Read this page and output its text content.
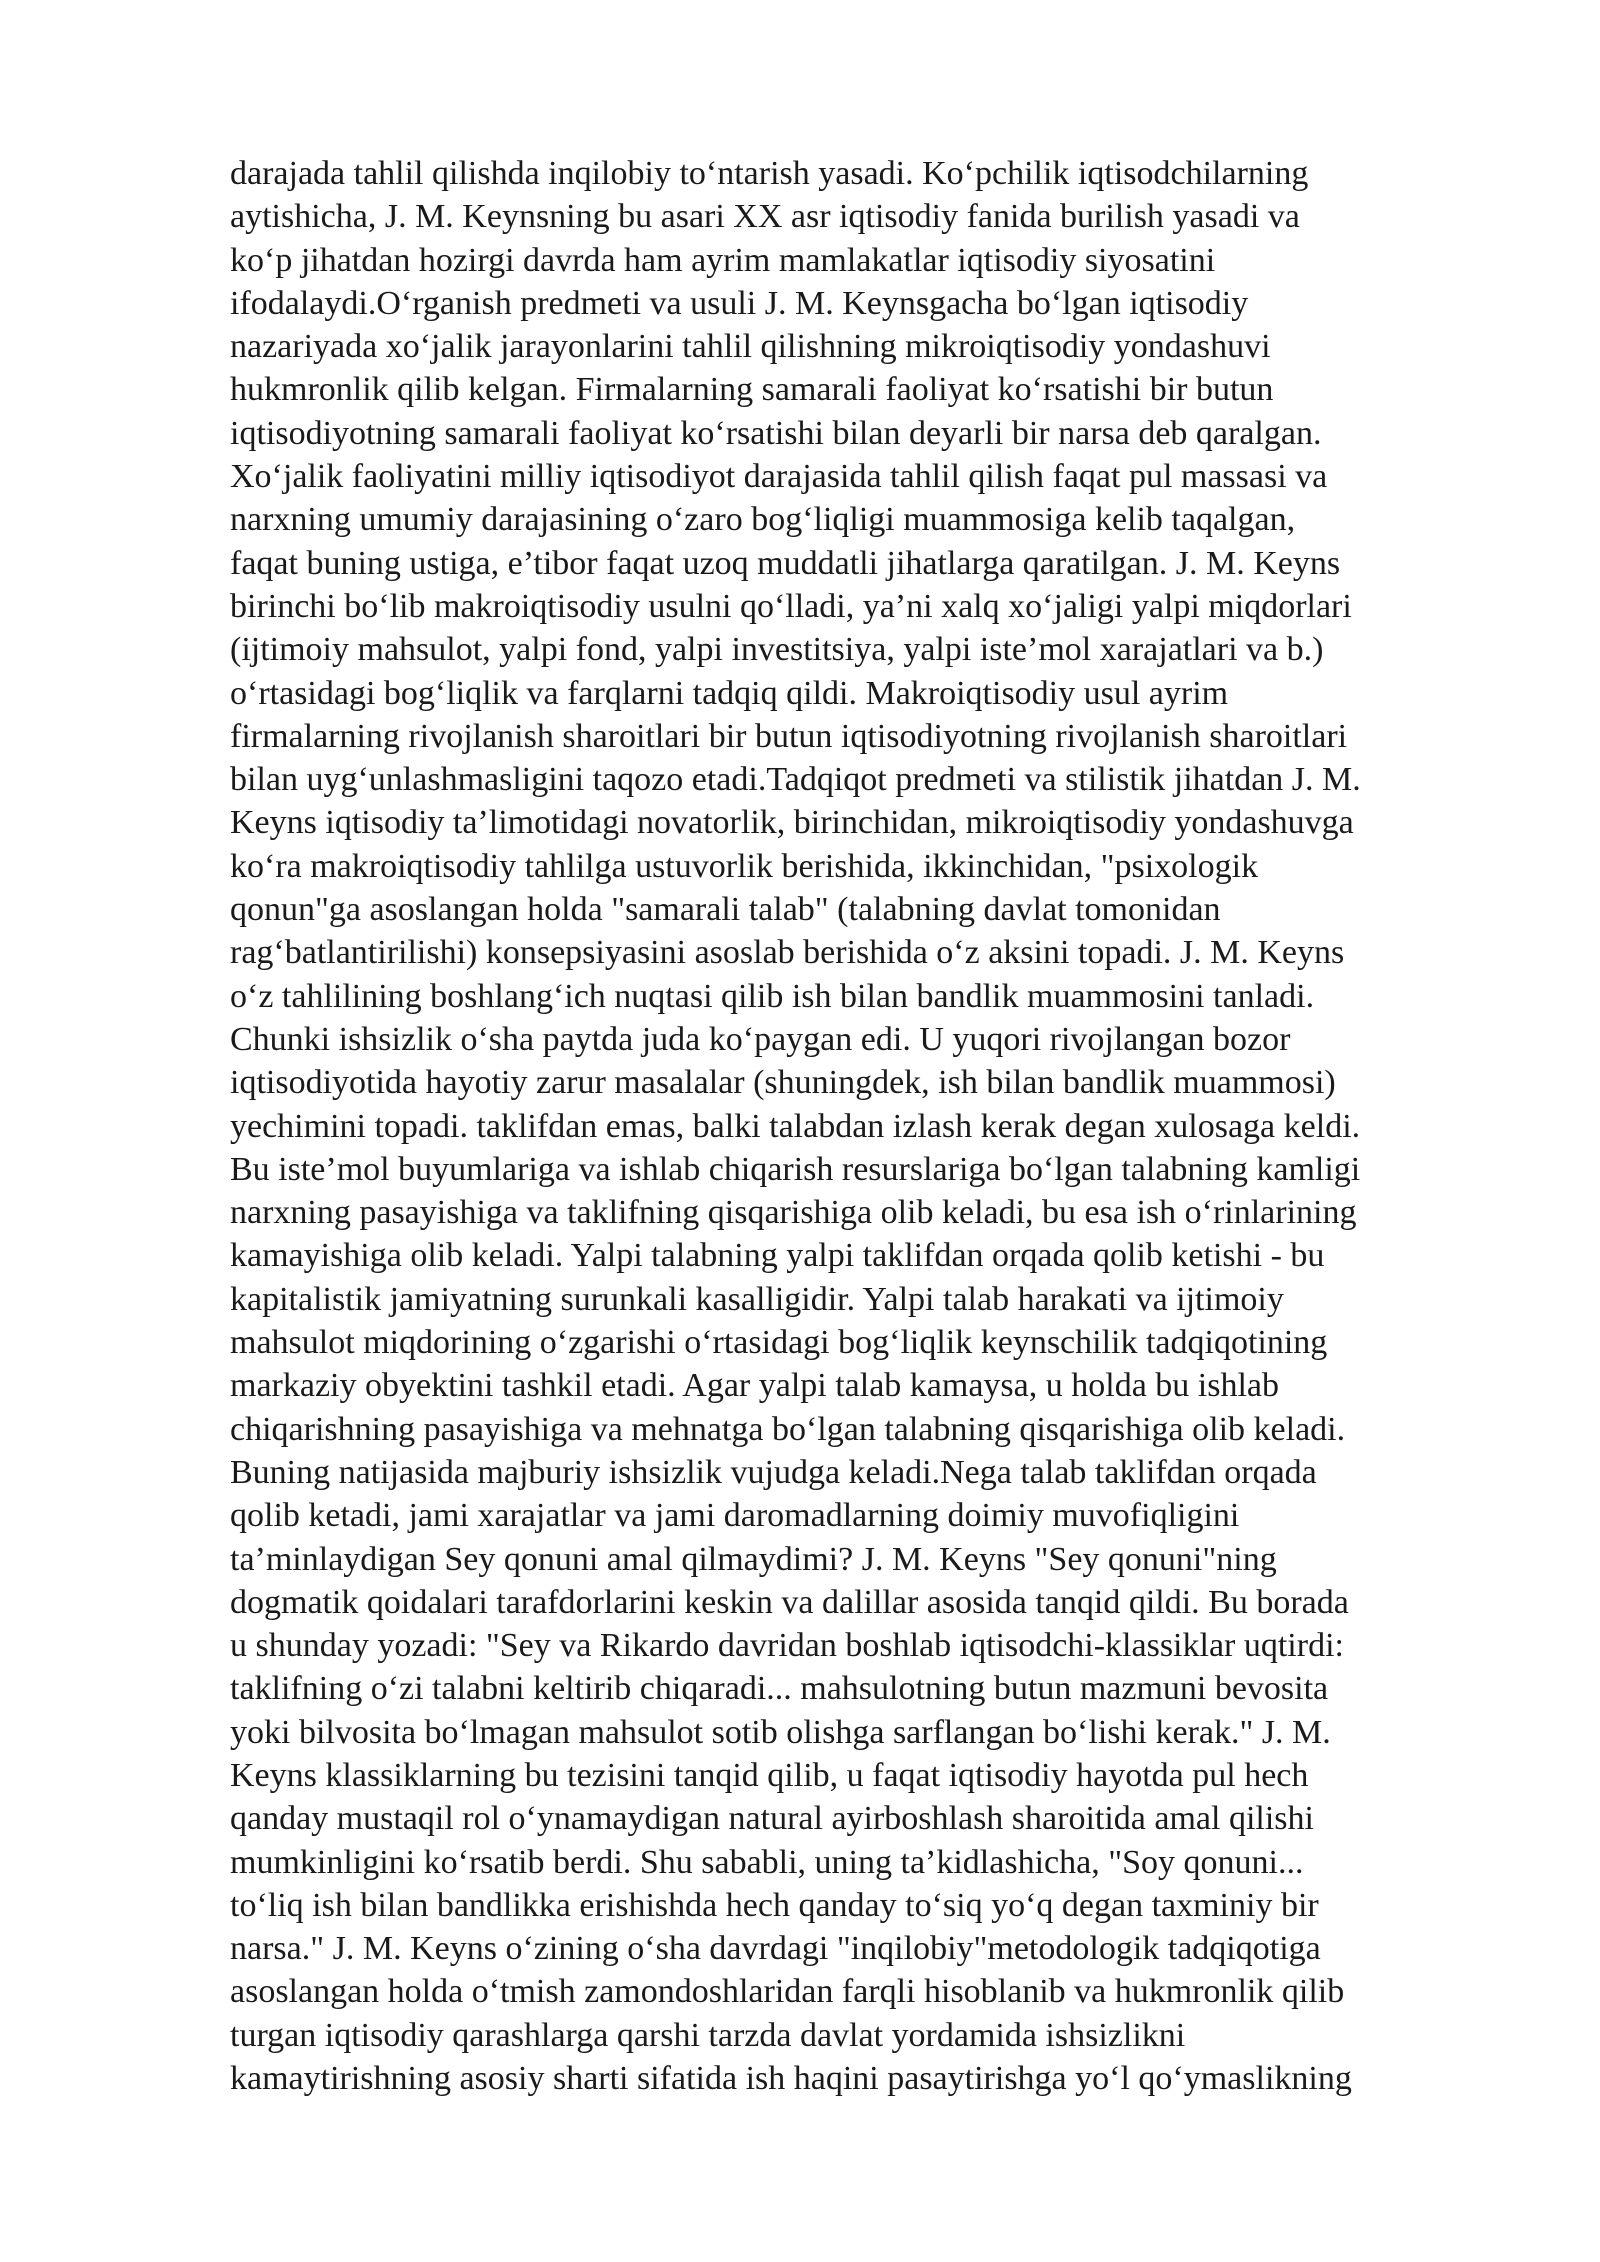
darajada tahlil qilishda inqilobiy to‘ntarish yasadi. Ko‘pchilik iqtisodchilarning
aytishicha, J. M. Keynsning bu asari XX asr iqtisodiy fanida burilish yasadi va
ko‘p jihatdan hozirgi davrda ham ayrim mamlakatlar iqtisodiy siyosatini
ifodalaydi.O‘rganish predmeti va usuli J. M. Keynsgacha bo‘lgan iqtisodiy
nazariyada xo‘jalik jarayonlarini tahlil qilishning mikroiqtisodiy yondashuvi
hukmronlik qilib kelgan. Firmalarning samarali faoliyat ko‘rsatishi bir butun
iqtisodiyotning samarali faoliyat ko‘rsatishi bilan deyarli bir narsa deb qaralgan.
Xo‘jalik faoliyatini milliy iqtisodiyot darajasida tahlil qilish faqat pul massasi va
narxning umumiy darajasining o‘zaro bog‘liqligi muammosiga kelib taqalgan,
faqat buning ustiga, e’tibor faqat uzoq muddatli jihatlarga qaratilgan. J. M. Keyns
birinchi bo‘lib makroiqtisodiy usulni qo‘lladi, ya’ni xalq xo‘jaligi yalpi miqdorlari
(ijtimoiy mahsulot, yalpi fond, yalpi investitsiya, yalpi iste’mol xarajatlari va b.)
o‘rtasidagi bog‘liqlik va farqlarni tadqiq qildi. Makroiqtisodiy usul ayrim
firmalarning rivojlanish sharoitlari bir butun iqtisodiyotning rivojlanish sharoitlari
bilan uyg‘unlashmasligini taqozo etadi.Tadqiqot predmeti va stilistik jihatdan J. M.
Keyns iqtisodiy ta’limotidagi novatorlik, birinchidan, mikroiqtisodiy yondashuvga
ko‘ra makroiqtisodiy tahlilga ustuvorlik berishida, ikkinchidan, "psixologik
qonun"ga asoslangan holda "samarali talab" (talabning davlat tomonidan
rag‘batlantirilishi) konsepsiyasini asoslab berishida o‘z aksini topadi. J. M. Keyns
o‘z tahlilining boshlang‘ich nuqtasi qilib ish bilan bandlik muammosini tanladi.
Chunki ishsizlik o‘sha paytda juda ko‘paygan edi. U yuqori rivojlangan bozor
iqtisodiyotida hayotiy zarur masalalar (shuningdek, ish bilan bandlik muammosi)
yechimini topadi. taklifdan emas, balki talabdan izlash kerak degan xulosaga keldi.
Bu iste’mol buyumlariga va ishlab chiqarish resurslariga bo‘lgan talabning kamligi
narxning pasayishiga va taklifning qisqarishiga olib keladi, bu esa ish o‘rinlarining
kamayishiga olib keladi. Yalpi talabning yalpi taklifdan orqada qolib ketishi - bu
kapitalistik jamiyatning surunkali kasalligidir. Yalpi talab harakati va ijtimoiy
mahsulot miqdorining o‘zgarishi o‘rtasidagi bog‘liqlik keynschilik tadqiqotining
markaziy obyektini tashkil etadi. Agar yalpi talab kamaysa, u holda bu ishlab
chiqarishning pasayishiga va mehnatga bo‘lgan talabning qisqarishiga olib keladi.
Buning natijasida majburiy ishsizlik vujudga keladi.Nega talab taklifdan orqada
qolib ketadi, jami xarajatlar va jami daromadlarning doimiy muvofiqligini
ta’minlaydigan Sey qonuni amal qilmaydimi? J. M. Keyns "Sey qonuni"ning
dogmatik qoidalari tarafdorlarini keskin va dalillar asosida tanqid qildi. Bu borada
u shunday yozadi: "Sey va Rikardo davridan boshlab iqtisodchi-klassiklar uqtirdi:
taklifning o‘zi talabni keltirib chiqaradi... mahsulotning butun mazmuni bevosita
yoki bilvosita bo‘lmagan mahsulot sotib olishga sarflangan bo‘lishi kerak." J. M.
Keyns klassiklarning bu tezisini tanqid qilib, u faqat iqtisodiy hayotda pul hech
qanday mustaqil rol o‘ynamaydigan natural ayirboshlash sharoitida amal qilishi
mumkinligini ko‘rsatib berdi. Shu sababli, uning ta’kidlashicha, "Soy qonuni...
to‘liq ish bilan bandlikka erishishda hech qanday to‘siq yo‘q degan taxminiy bir
narsa." J. M. Keyns o‘zining o‘sha davrdagi "inqilobiy"metodologik tadqiqotiga
asoslangan holda o‘tmish zamondoshlaridan farqli hisoblanib va hukmronlik qilib
turgan iqtisodiy qarashlarga qarshi tarzda davlat yordamida ishsizlikni
kamaytirishning asosiy sharti sifatida ish haqini pasaytirishga yo‘l qo‘ymaslikning
